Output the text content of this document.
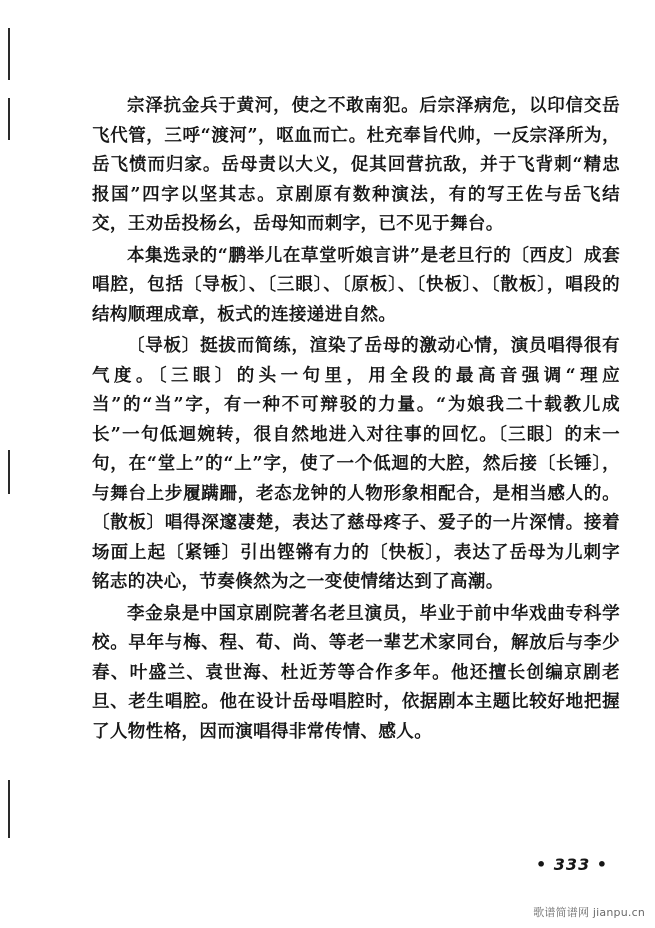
宗泽抗金兵于黄河，使之不敢南犯。后宗泽病危，以印信交岳飞代管，三呼“渡河”，呕血而亡。杜充奉旨代帅，一反宗泽所为，岳飞愤而归家。岳母责以大义，促其回营抗敌，并于飞背刺“精忠报国”四字以坚其志。京剧原有数种演法，有的写王佐与岳飞结交，王劝岳投杨幺，岳母知而刺字，已不见于舞台。

本集选录的“鹏举儿在草堂听娘言讲”是老旦行的〔西皮〕成套唱腔，包括〔导板〕、〔三眼〕、〔原板〕、〔快板〕、〔散板〕，唱段的结构顺理成章，板式的连接递进自然。

〔导板〕挺拔而简练，渲染了岳母的激动心情，演员唱得很有气度。〔三眼〕的头一句里，用全段的最高音强调“理应当”的“当”字，有一种不可辩驳的力量。“为娘我二十载教儿成长”一句低迴婉转，很自然地进入对往事的回忆。〔三眼〕的末一句，在“堂上”的“上”字，使了一个低迴的大腔，然后接〔长锤〕，与舞台上步履蹒跚，老态龙钟的人物形象相配合，是相当感人的。〔散板〕唱得深邃凄楚，表达了慈母疼子、爱子的一片深情。接着场面上起〔紧锤〕引出铿锵有力的〔快板〕，表达了岳母为儿刺字铭志的决心，节奏倏然为之一变使情绪达到了高潮。

李金泉是中国京剧院著名老旦演员，毕业于前中华戏曲专科学校。早年与梅、程、荀、尚、等老一辈艺术家同台，解放后与李少春、叶盛兰、袁世海、杜近芳等合作多年。他还擅长创编京剧老旦、老生唱腔。他在设计岳母唱腔时，依据剧本主题比较好地把握了人物性格，因而演唱得非常传情、感人。

• 333 •
歌谱简谱网 jianpu.cn
